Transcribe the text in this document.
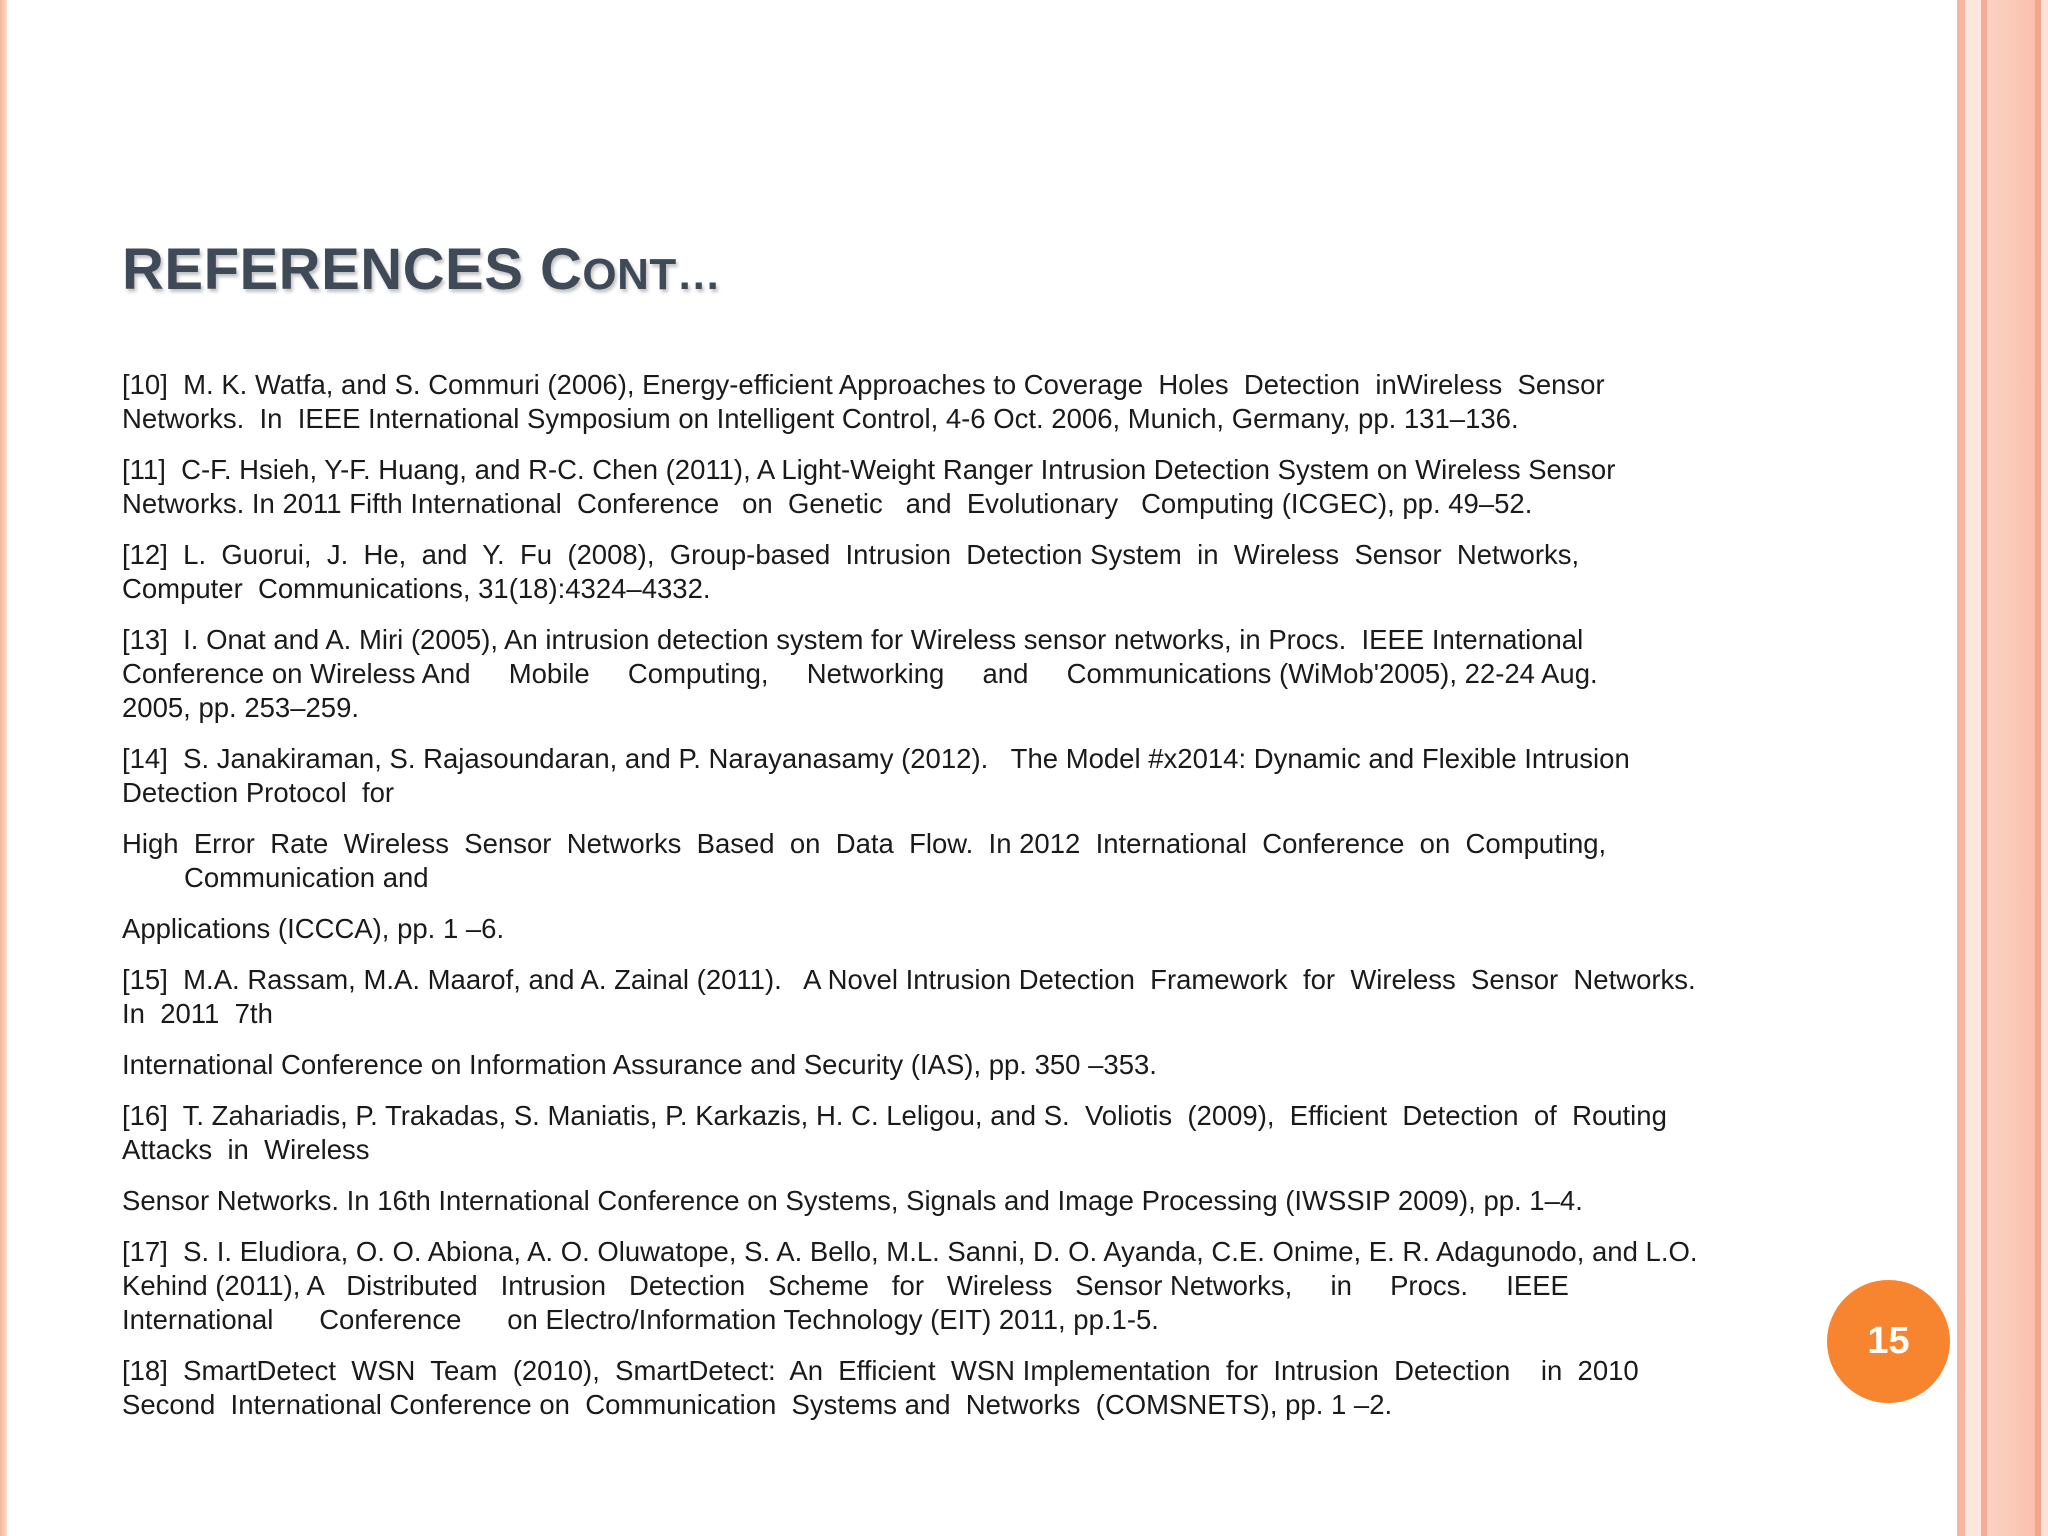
REFERENCES CONT…
[10]  M. K. Watfa, and S. Commuri (2006), Energy-efficient Approaches to Coverage  Holes  Detection  inWireless  Sensor
Networks.  In  IEEE International Symposium on Intelligent Control, 4-6 Oct. 2006, Munich, Germany, pp. 131–136.
[11]  C-F. Hsieh, Y-F. Huang, and R-C. Chen (2011), A Light-Weight Ranger Intrusion Detection System on Wireless Sensor
Networks. In 2011 Fifth International  Conference   on  Genetic   and  Evolutionary   Computing (ICGEC), pp. 49–52.
[12]  L.  Guorui,  J.  He,  and  Y.  Fu  (2008),  Group-based  Intrusion  Detection System  in  Wireless  Sensor  Networks,
Computer  Communications, 31(18):4324–4332.
[13]  I. Onat and A. Miri (2005), An intrusion detection system for Wireless sensor networks, in Procs.  IEEE International
Conference on Wireless And     Mobile     Computing,     Networking     and     Communications (WiMob'2005), 22-24 Aug.
2005, pp. 253–259.
[14]  S. Janakiraman, S. Rajasoundaran, and P. Narayanasamy (2012).   The Model #x2014: Dynamic and Flexible Intrusion
Detection Protocol  for
High  Error  Rate  Wireless  Sensor  Networks  Based  on  Data  Flow.  In 2012  International  Conference  on  Computing,
Communication and
Applications (ICCCA), pp. 1 –6.
[15]  M.A. Rassam, M.A. Maarof, and A. Zainal (2011).   A Novel Intrusion Detection  Framework  for  Wireless  Sensor  Networks.
In  2011  7th
International Conference on Information Assurance and Security (IAS), pp. 350 –353.
[16]  T. Zahariadis, P. Trakadas, S. Maniatis, P. Karkazis, H. C. Leligou, and S.  Voliotis  (2009),  Efficient  Detection  of  Routing
Attacks  in  Wireless
Sensor Networks. In 16th International Conference on Systems, Signals and Image Processing (IWSSIP 2009), pp. 1–4.
[17]  S. I. Eludiora, O. O. Abiona, A. O. Oluwatope, S. A. Bello, M.L. Sanni, D. O. Ayanda, C.E. Onime, E. R. Adagunodo, and L.O.
Kehind (2011), A   Distributed   Intrusion   Detection   Scheme   for   Wireless   Sensor Networks,     in     Procs.     IEEE
International      Conference      on Electro/Information Technology (EIT) 2011, pp.1-5.
[18]  SmartDetect  WSN  Team  (2010),  SmartDetect:  An  Efficient  WSN Implementation  for  Intrusion  Detection    in  2010
Second  International Conference on  Communication  Systems and  Networks  (COMSNETS), pp. 1 –2.
15
